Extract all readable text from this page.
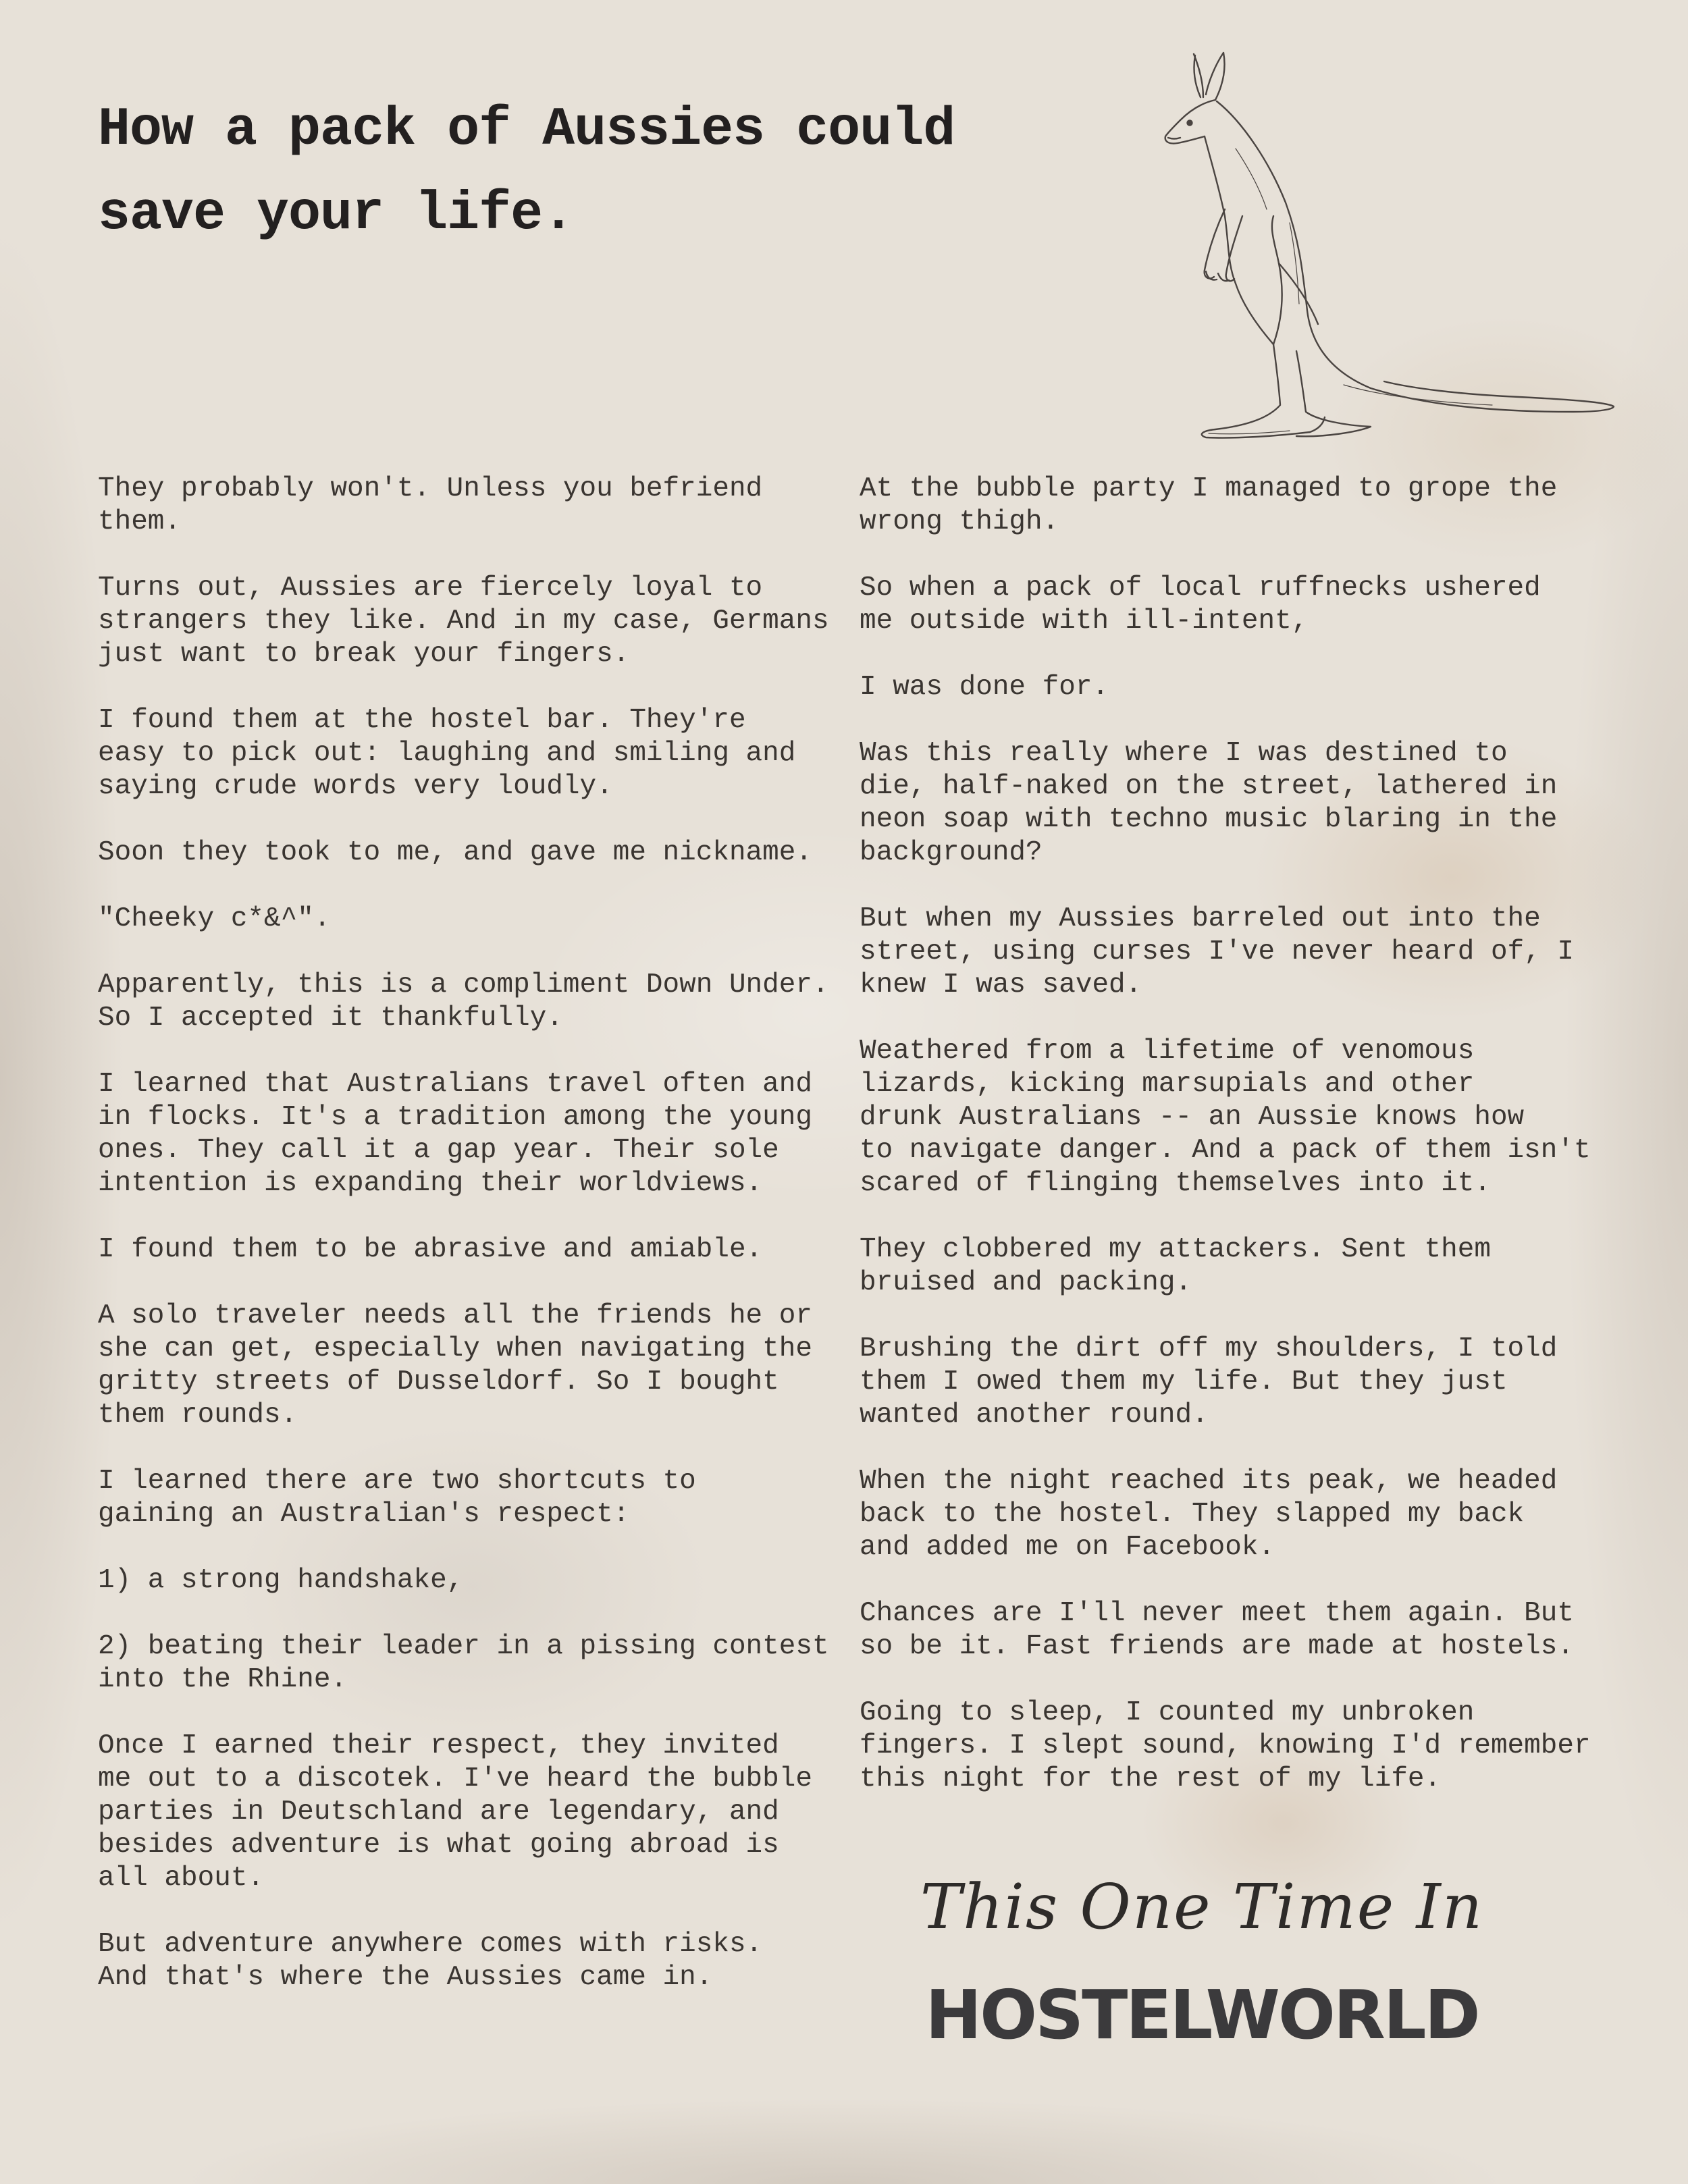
How a pack of Aussies could
save your life.

They probably won't. Unless you befriend
them.

Turns out, Aussies are fiercely loyal to
strangers they like. And in my case, Germans
just want to break your fingers.

I found them at the hostel bar. They're
easy to pick out: laughing and smiling and
saying crude words very loudly.

Soon they took to me, and gave me nickname.

"Cheeky c*&^".

Apparently, this is a compliment Down Under.
So I accepted it thankfully.

I learned that Australians travel often and
in flocks. It's a tradition among the young
ones. They call it a gap year. Their sole
intention is expanding their worldviews.

I found them to be abrasive and amiable.

A solo traveler needs all the friends he or
she can get, especially when navigating the
gritty streets of Dusseldorf. So I bought
them rounds.

I learned there are two shortcuts to
gaining an Australian's respect:

1) a strong handshake,

2) beating their leader in a pissing contest
into the Rhine.

Once I earned their respect, they invited
me out to a discotek. I've heard the bubble
parties in Deutschland are legendary, and
besides adventure is what going abroad is
all about.

But adventure anywhere comes with risks.
And that's where the Aussies came in.

At the bubble party I managed to grope the
wrong thigh.

So when a pack of local ruffnecks ushered
me outside with ill-intent,

I was done for.

Was this really where I was destined to
die, half-naked on the street, lathered in
neon soap with techno music blaring in the
background?

But when my Aussies barreled out into the
street, using curses I've never heard of, I
knew I was saved.

Weathered from a lifetime of venomous
lizards, kicking marsupials and other
drunk Australians -- an Aussie knows how
to navigate danger. And a pack of them isn't
scared of flinging themselves into it.

They clobbered my attackers. Sent them
bruised and packing.

Brushing the dirt off my shoulders, I told
them I owed them my life. But they just
wanted another round.

When the night reached its peak, we headed
back to the hostel. They slapped my back
and added me on Facebook.

Chances are I'll never meet them again. But
so be it. Fast friends are made at hostels.

Going to sleep, I counted my unbroken
fingers. I slept sound, knowing I'd remember
this night for the rest of my life.

This One Time In
HOSTELWORLD
